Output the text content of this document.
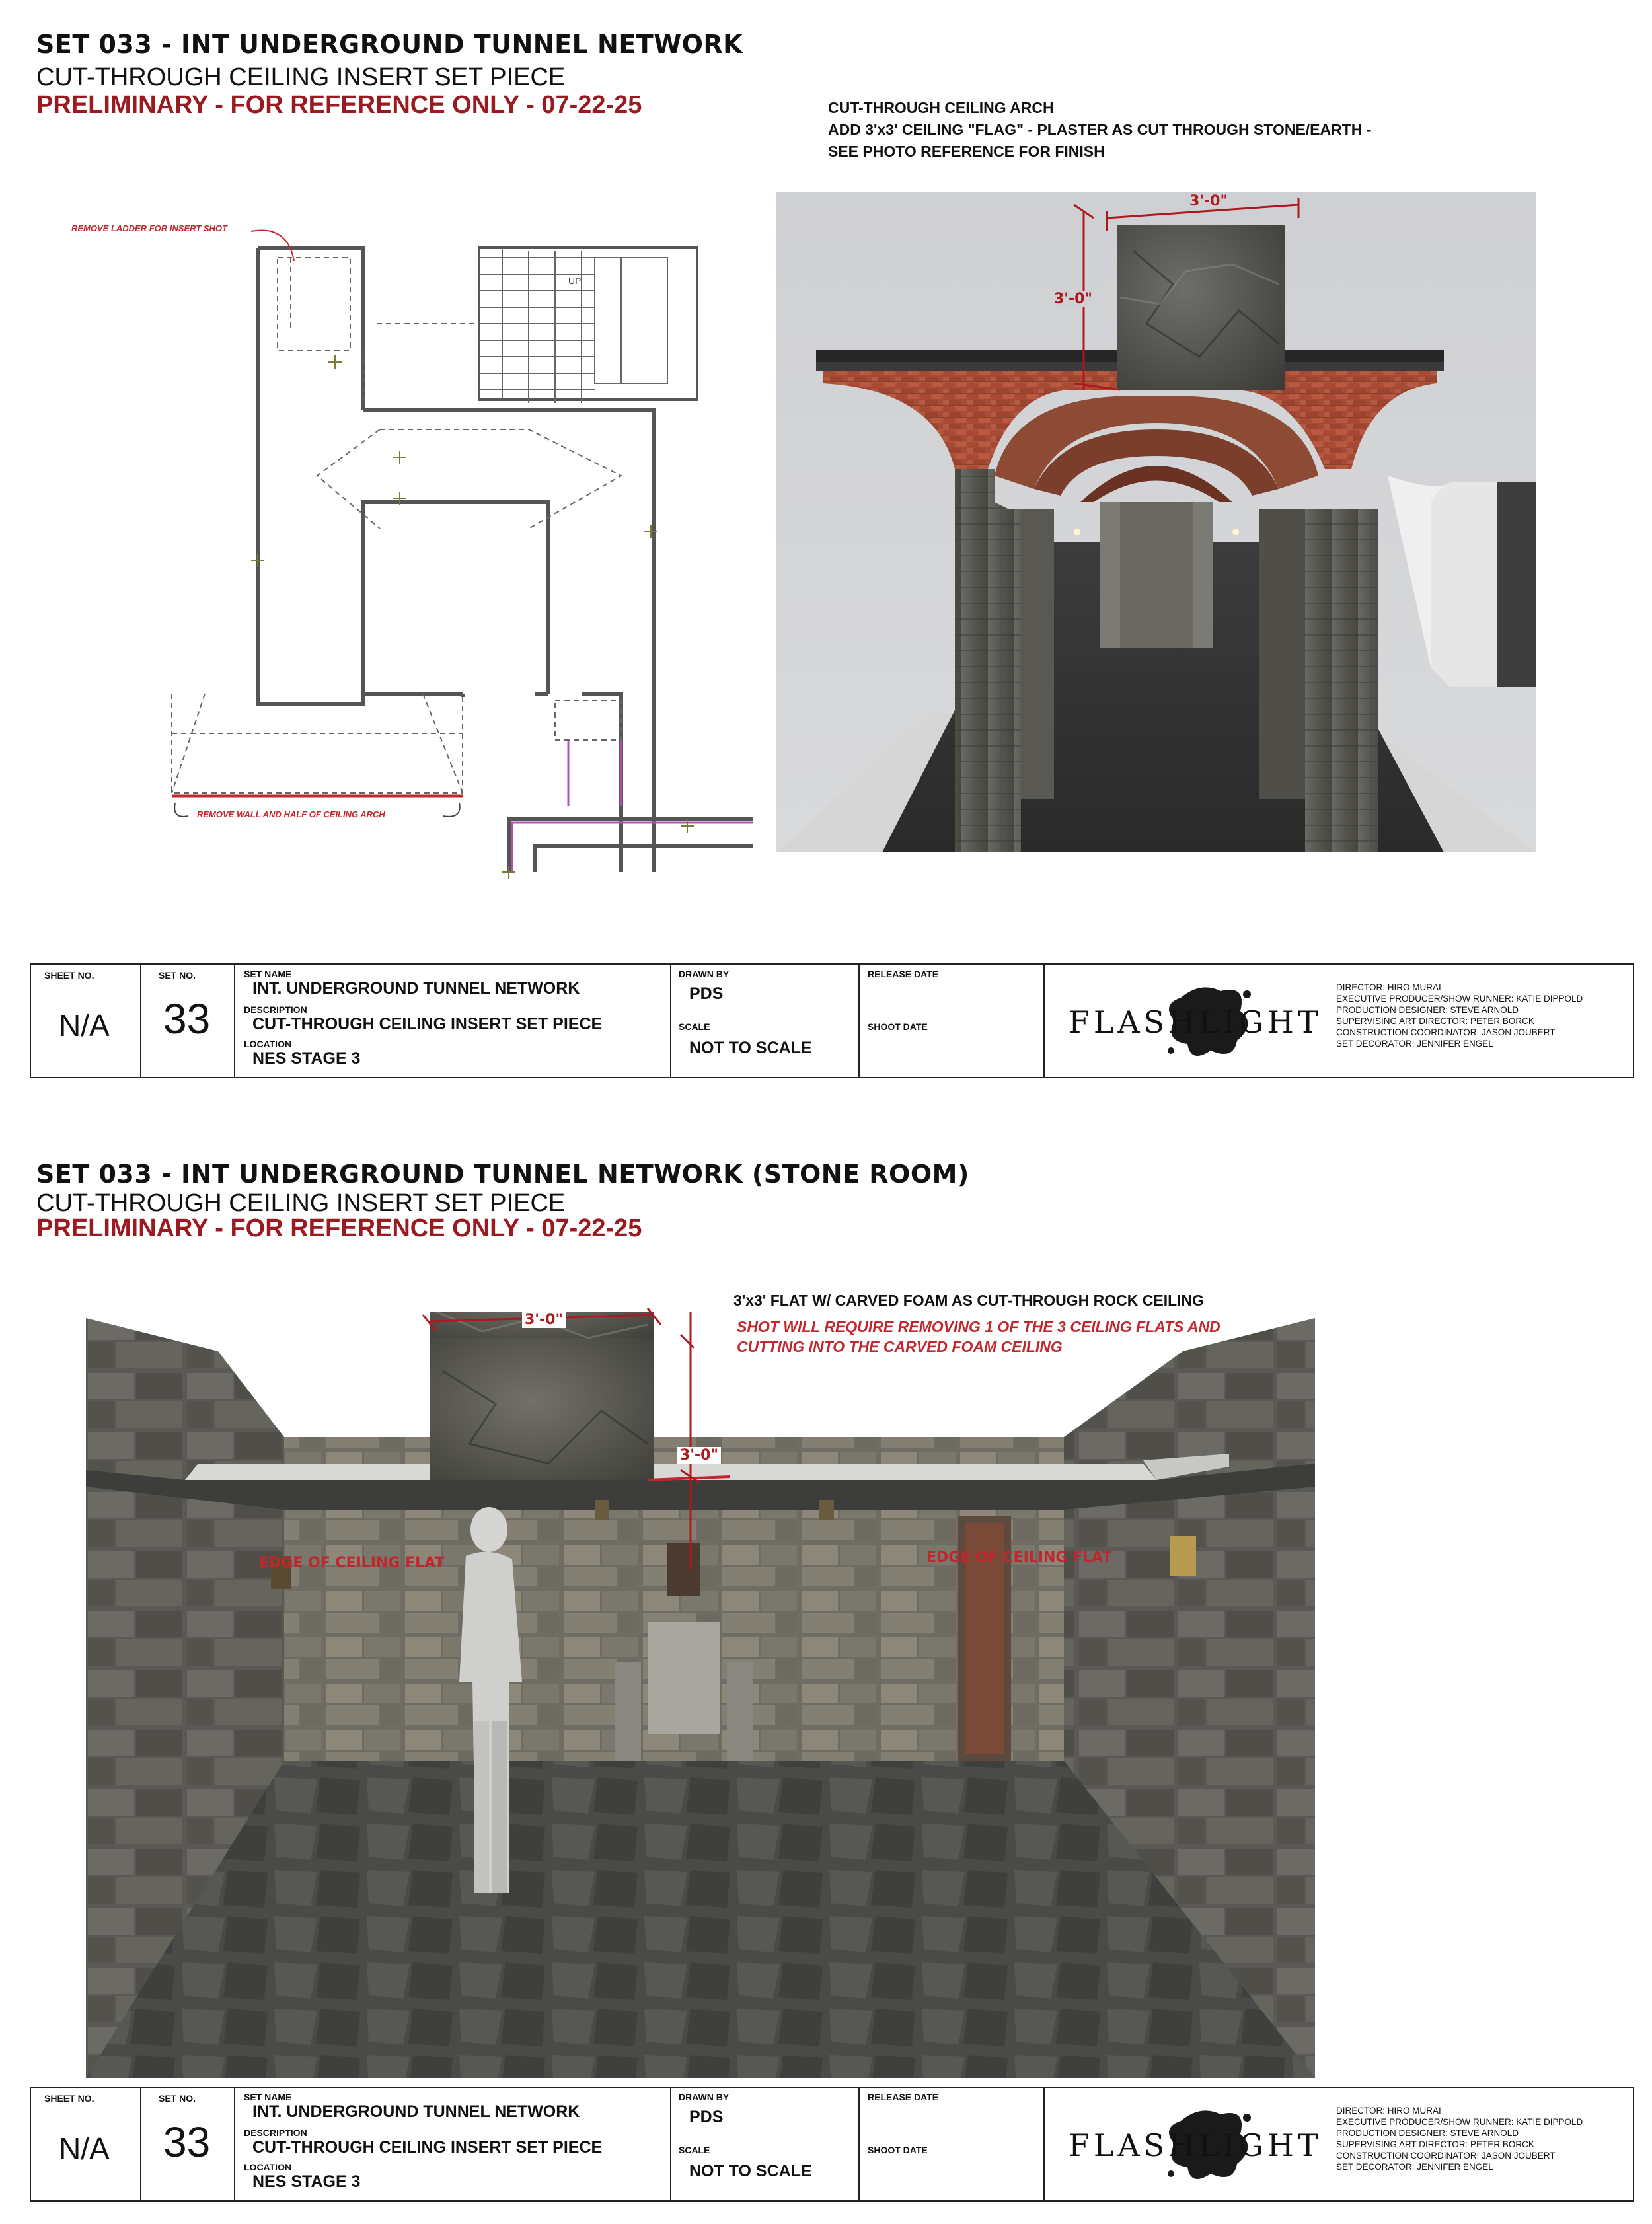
SET 033 - INT UNDERGROUND TUNNEL NETWORK
CUT-THROUGH CEILING INSERT SET PIECE
PRELIMINARY - FOR REFERENCE ONLY - 07-22-25
UP
REMOVE LADDER FOR INSERT SHOT
REMOVE WALL AND HALF OF CEILING ARCH
CUT-THROUGH CEILING ARCH
ADD 3'x3' CEILING "FLAG" - PLASTER AS CUT THROUGH STONE/EARTH -
SEE PHOTO REFERENCE FOR FINISH
3'-0"
3'-0"
SHEET NO.
N/A
SET NO.
33
SET NAME
INT. UNDERGROUND TUNNEL NETWORK
DESCRIPTION
CUT-THROUGH CEILING INSERT SET PIECE
LOCATION
NES STAGE 3
DRAWN BY
PDS
SCALE
NOT TO SCALE
RELEASE DATE
SHOOT DATE	FLASHLIGHT
DIRECTOR: HIRO MURAI
EXECUTIVE PRODUCER/SHOW RUNNER: KATIE DIPPOLD
PRODUCTION DESIGNER: STEVE ARNOLD
SUPERVISING ART DIRECTOR: PETER BORCK
CONSTRUCTION COORDINATOR: JASON JOUBERT
SET DECORATOR: JENNIFER ENGEL
SET 033 - INT UNDERGROUND TUNNEL NETWORK (STONE ROOM)
CUT-THROUGH CEILING INSERT SET PIECE
PRELIMINARY - FOR REFERENCE ONLY - 07-22-25
3'x3' FLAT W/ CARVED FOAM AS CUT-THROUGH ROCK CEILING
SHOT WILL REQUIRE REMOVING 1 OF THE 3 CEILING FLATS AND
CUTTING INTO THE CARVED FOAM CEILING
EDGE OF CEILING FLAT	EDGE OF CEILING FLAT
3'-0"
3'-0"
SHEET NO.
N/A
SET NO.
33
SET NAME
INT. UNDERGROUND TUNNEL NETWORK
DESCRIPTION
CUT-THROUGH CEILING INSERT SET PIECE
LOCATION
NES STAGE 3
DRAWN BY
PDS
SCALE
NOT TO SCALE
RELEASE DATE
SHOOT DATE	FLASHLIGHT
DIRECTOR: HIRO MURAI
EXECUTIVE PRODUCER/SHOW RUNNER: KATIE DIPPOLD
PRODUCTION DESIGNER: STEVE ARNOLD
SUPERVISING ART DIRECTOR: PETER BORCK
CONSTRUCTION COORDINATOR: JASON JOUBERT
SET DECORATOR: JENNIFER ENGEL
